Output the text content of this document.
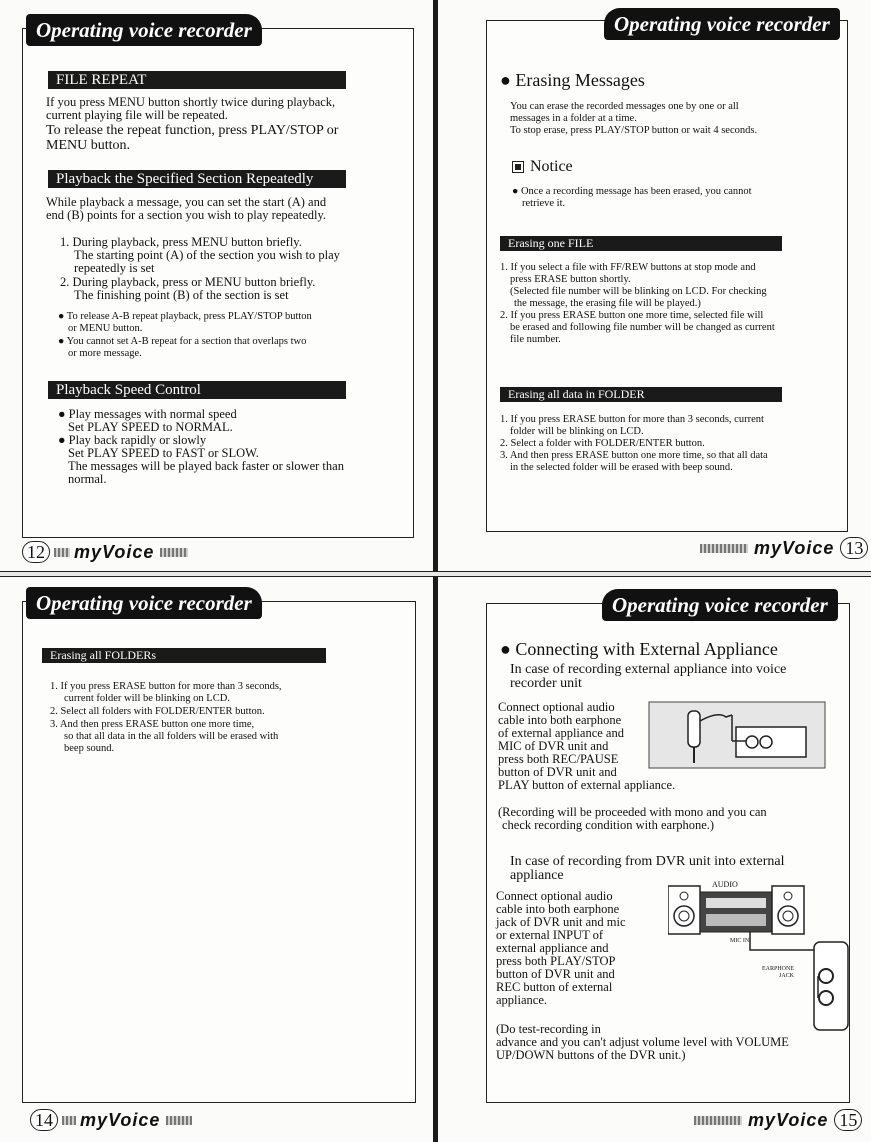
Operating voice recorder
FILE REPEAT
If you press MENU button shortly twice during playback,
current playing file will be repeated.
To release the repeat function, press PLAY/STOP or
MENU button.
Playback the Specified Section Repeatedly
While playback a message, you can set the start (A) and
end (B) points for a section you wish to play repeatedly.
1. During playback, press MENU button briefly.
The starting point (A) of the section you wish to play
repeatedly is set
2. During playback, press or MENU button briefly.
The finishing point (B) of the section is set
● To release A-B repeat playback, press PLAY/STOP button
or MENU button.
● You cannot set A-B repeat for a section that overlaps two
or more message.
Playback Speed Control
● Play messages with normal speed
Set PLAY SPEED to NORMAL.
● Play back rapidly or slowly
Set PLAY SPEED to FAST or SLOW.
The messages will be played back faster or slower than
normal.
12 myVoice
Operating voice recorder
● Erasing Messages
You can erase the recorded messages one by one or all
messages in a folder at a time.
To stop erase, press PLAY/STOP button or wait 4 seconds.
Notice
● Once a recording message has been erased, you cannot
retrieve it.
Erasing one FILE
1. If you select a file with FF/REW buttons at stop mode and
press ERASE button shortly.
(Selected file number will be blinking on LCD. For checking
the message, the erasing file will be played.)
2. If you press ERASE button one more time, selected file will
be erased and following file number will be changed as current
file number.
Erasing all data in FOLDER
1. If you press ERASE button for more than 3 seconds, current
folder will be blinking on LCD.
2. Select a folder with FOLDER/ENTER button.
3. And then press ERASE button one more time, so that all data
in the selected folder will be erased with beep sound.
myVoice 13
Operating voice recorder
Erasing all FOLDERs
1. If you press ERASE button for more than 3 seconds,
current folder will be blinking on LCD.
2. Select all folders with FOLDER/ENTER button.
3. And then press ERASE button one more time,
so that all data in the all folders will be erased with
beep sound.
14 myVoice
Operating voice recorder
● Connecting with External Appliance
In case of recording external appliance into voice
recorder unit
Connect optional audio
cable into both earphone
of external appliance and
MIC of DVR unit and
press both REC/PAUSE
button of DVR unit and
PLAY button of external appliance.
(Recording will be proceeded with mono and you can
check recording condition with earphone.)
In case of recording from DVR unit into external
appliance
Connect optional audio
cable into both earphone
jack of DVR unit and mic
or external INPUT of
external appliance and
press both PLAY/STOP
button of DVR unit and
REC button of external
appliance.
AUDIO
MIC IN
EARPHONE JACK
(Do test-recording in
advance and you can't adjust volume level with VOLUME
UP/DOWN buttons of the DVR unit.)
myVoice 15
